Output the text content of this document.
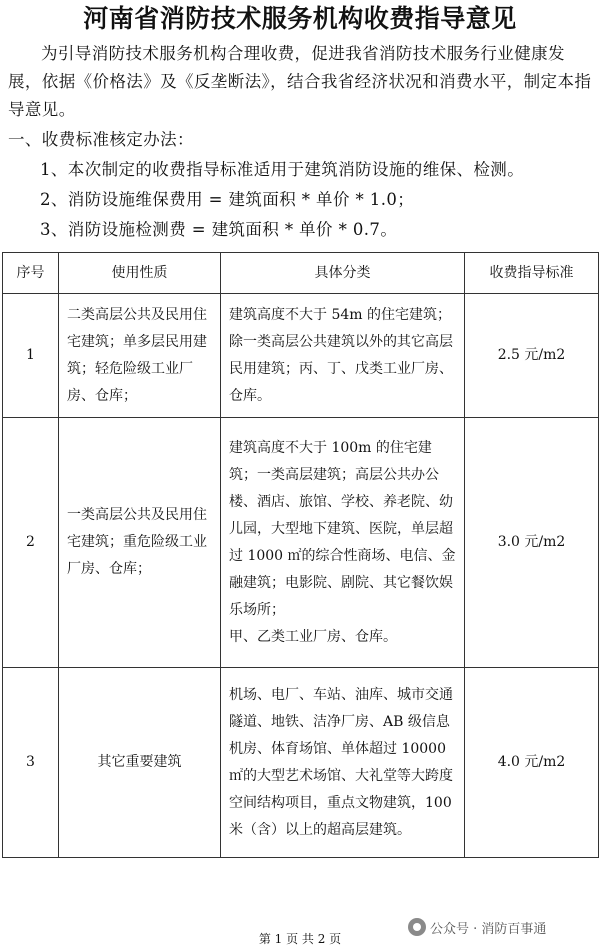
河南省消防技术服务机构收费指导意见
为引导消防技术服务机构合理收费，促进我省消防技术服务行业健康发展，依据《价格法》及《反垄断法》，结合我省经济状况和消费水平，制定本指导意见。
一、收费标准核定办法：
1、本次制定的收费指导标准适用于建筑消防设施的维保、检测。
2、消防设施维保费用 = 建筑面积 * 单价 * 1.0；
3、消防设施检测费 = 建筑面积 * 单价 * 0.7。
序号	使用性质	具体分类	收费指导标准
1	二类高层公共及民用住宅建筑；单多层民用建筑；轻危险级工业厂房、仓库；	建筑高度不大于 54m 的住宅建筑；除一类高层公共建筑以外的其它高层民用建筑；丙、丁、戊类工业厂房、仓库。	2.5 元/m2
2	一类高层公共及民用住宅建筑；重危险级工业厂房、仓库；	建筑高度不大于 100m 的住宅建筑；一类高层建筑；高层公共办公楼、酒店、旅馆、学校、养老院、幼儿园，大型地下建筑、医院，单层超过 1000 ㎡的综合性商场、电信、金融建筑；电影院、剧院、其它餐饮娱乐场所；
甲、乙类工业厂房、仓库。	3.0 元/m2
3	其它重要建筑	机场、电厂、车站、油库、城市交通隧道、地铁、洁净厂房、AB 级信息机房、体育场馆、单体超过 10000 ㎡的大型艺术场馆、大礼堂等大跨度空间结构项目，重点文物建筑，100 米（含）以上的超高层建筑。	4.0 元/m2
公众号 · 消防百事通
第 1 页 共 2 页
